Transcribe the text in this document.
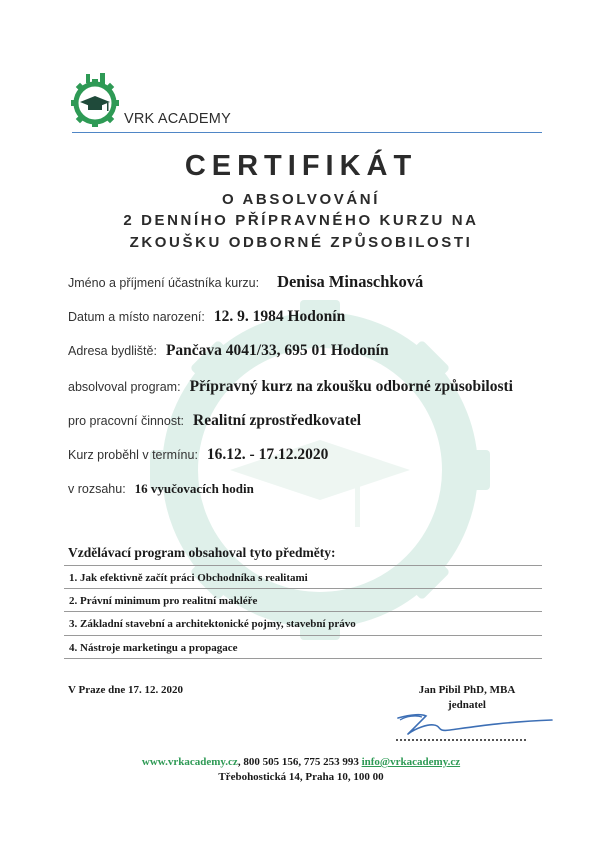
VRK ACADEMY
CERTIFIKÁT
O ABSOLVOVÁNÍ
2 DENNÍHO PŘÍPRAVNÉHO KURZU NA
ZKOUŠKU ODBORNÉ ZPŮSOBILOSTI
Jméno a příjmení účastníka kurzu: Denisa Minaschková
Datum a místo narození: 12. 9. 1984 Hodonín
Adresa bydliště: Pančava 4041/33, 695 01 Hodonín
absolvoval program: Přípravný kurz na zkoušku odborné způsobilosti
pro pracovní činnost: Realitní zprostředkovatel
Kurz proběhl v termínu: 16.12. - 17.12.2020
v rozsahu: 16 vyučovacích hodin
Vzdělávací program obsahoval tyto předměty:
1. Jak efektivně začít práci Obchodníka s realitami
2. Právní minimum pro realitní makléře
3. Základní stavební a architektonické pojmy, stavební právo
4. Nástroje marketingu a propagace
V Praze dne 17. 12. 2020	Jan Pibil PhD, MBA
jednatel
www.vrkacademy.cz, 800 505 156, 775 253 993 info@vrkacademy.cz
Třebohostická 14, Praha 10, 100 00
